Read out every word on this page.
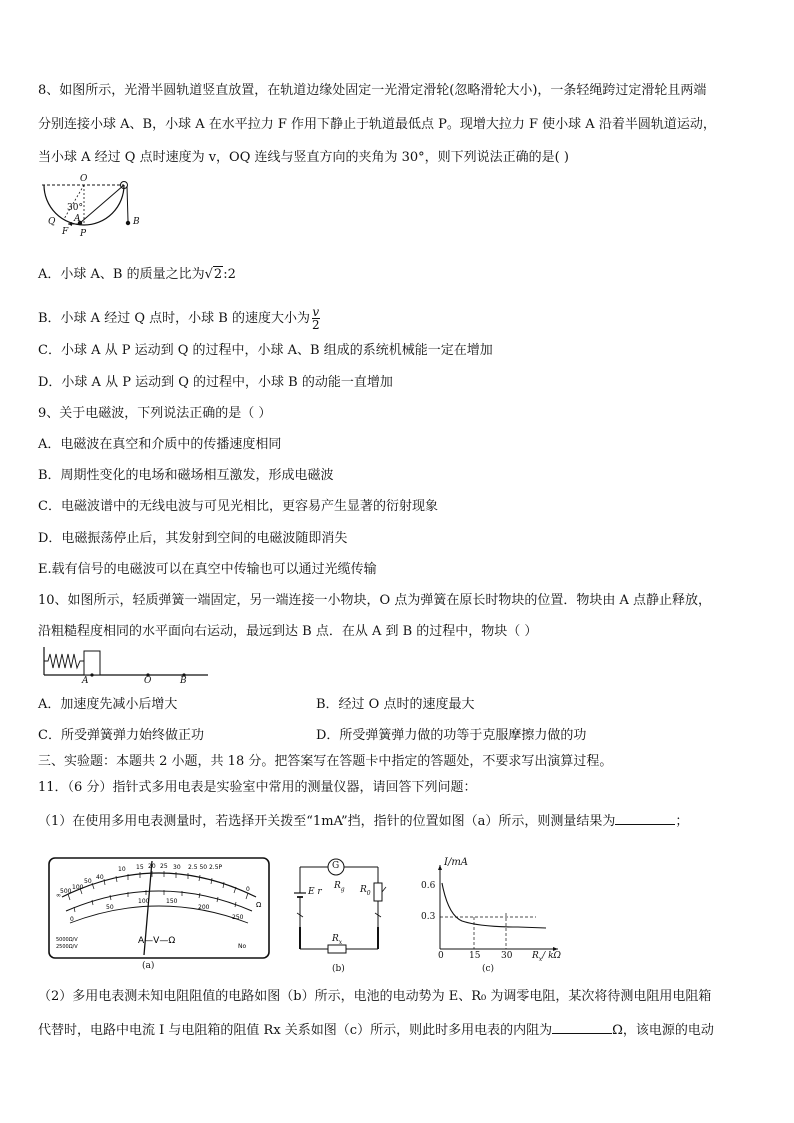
8、如图所示，光滑半圆轨道竖直放置，在轨道边缘处固定一光滑定滑轮(忽略滑轮大小)，一条轻绳跨过定滑轮且两端
分别连接小球 A、B，小球 A 在水平拉力 F 作用下静止于轨道最低点 P。现增大拉力 F 使小球 A 沿着半圆轨道运动，
当小球 A 经过 Q 点时速度为 v，OQ 连线与竖直方向的夹角为 30°，则下列说法正确的是( )
O
30°
Q A
F P
B
A．小球 A、B 的质量之比为√2:2
B．小球 A 经过 Q 点时，小球 B 的速度大小为 $\frac{v}{2}$
C．小球 A 从 P 运动到 Q 的过程中，小球 A、B 组成的系统机械能一定在增加
D．小球 A 从 P 运动到 Q 的过程中，小球 B 的动能一直增加
9、关于电磁波，下列说法正确的是（ ）
A．电磁波在真空和介质中的传播速度相同
B．周期性变化的电场和磁场相互激发，形成电磁波
C．电磁波谱中的无线电波与可见光相比，更容易产生显著的衍射现象
D．电磁振荡停止后，其发射到空间的电磁波随即消失
E.载有信号的电磁波可以在真空中传输也可以通过光缆传输
10、如图所示，轻质弹簧一端固定，另一端连接一小物块，O 点为弹簧在原长时物块的位置．物块由 A 点静止释放，
沿粗糙程度相同的水平面向右运动，最远到达 B 点．在从 A 到 B 的过程中，物块（ ）
A	O	B
A．加速度先减小后增大	B．经过 O 点时的速度最大
C．所受弹簧弹力始终做正功	D．所受弹簧弹力做的功等于克服摩擦力做的功
三、实验题：本题共 2 小题，共 18 分。把答案写在答题卡中指定的答题处，不要求写出演算过程。
11．（6 分）指针式多用电表是实验室中常用的测量仪器，请回答下列问题：
（1）在使用多用电表测量时，若选择开关拨至“1mA”挡，指针的位置如图（a）所示，则测量结果为	；
∞
10 15 20 25 30
40
50
100
500	0
2.5 50 2.5P
0
50
100	150
200
250
Ω
A—V—Ω
5000Ω/V
2500Ω/V	No
(a)
G
E r
$R_g$ $R_0$
$R_x$
(b)
I/mA
0.6
0.3
0	15 30 $R_x/$ kΩ
(c)
（2）多用电表测未知电阻阻值的电路如图（b）所示，电池的电动势为 E、R₀ 为调零电阻，某次将待测电阻用电阻箱
代替时，电路中电流 I 与电阻箱的阻值 Rx 关系如图（c）所示，则此时多用电表的内阻为	Ω，该电源的电动
